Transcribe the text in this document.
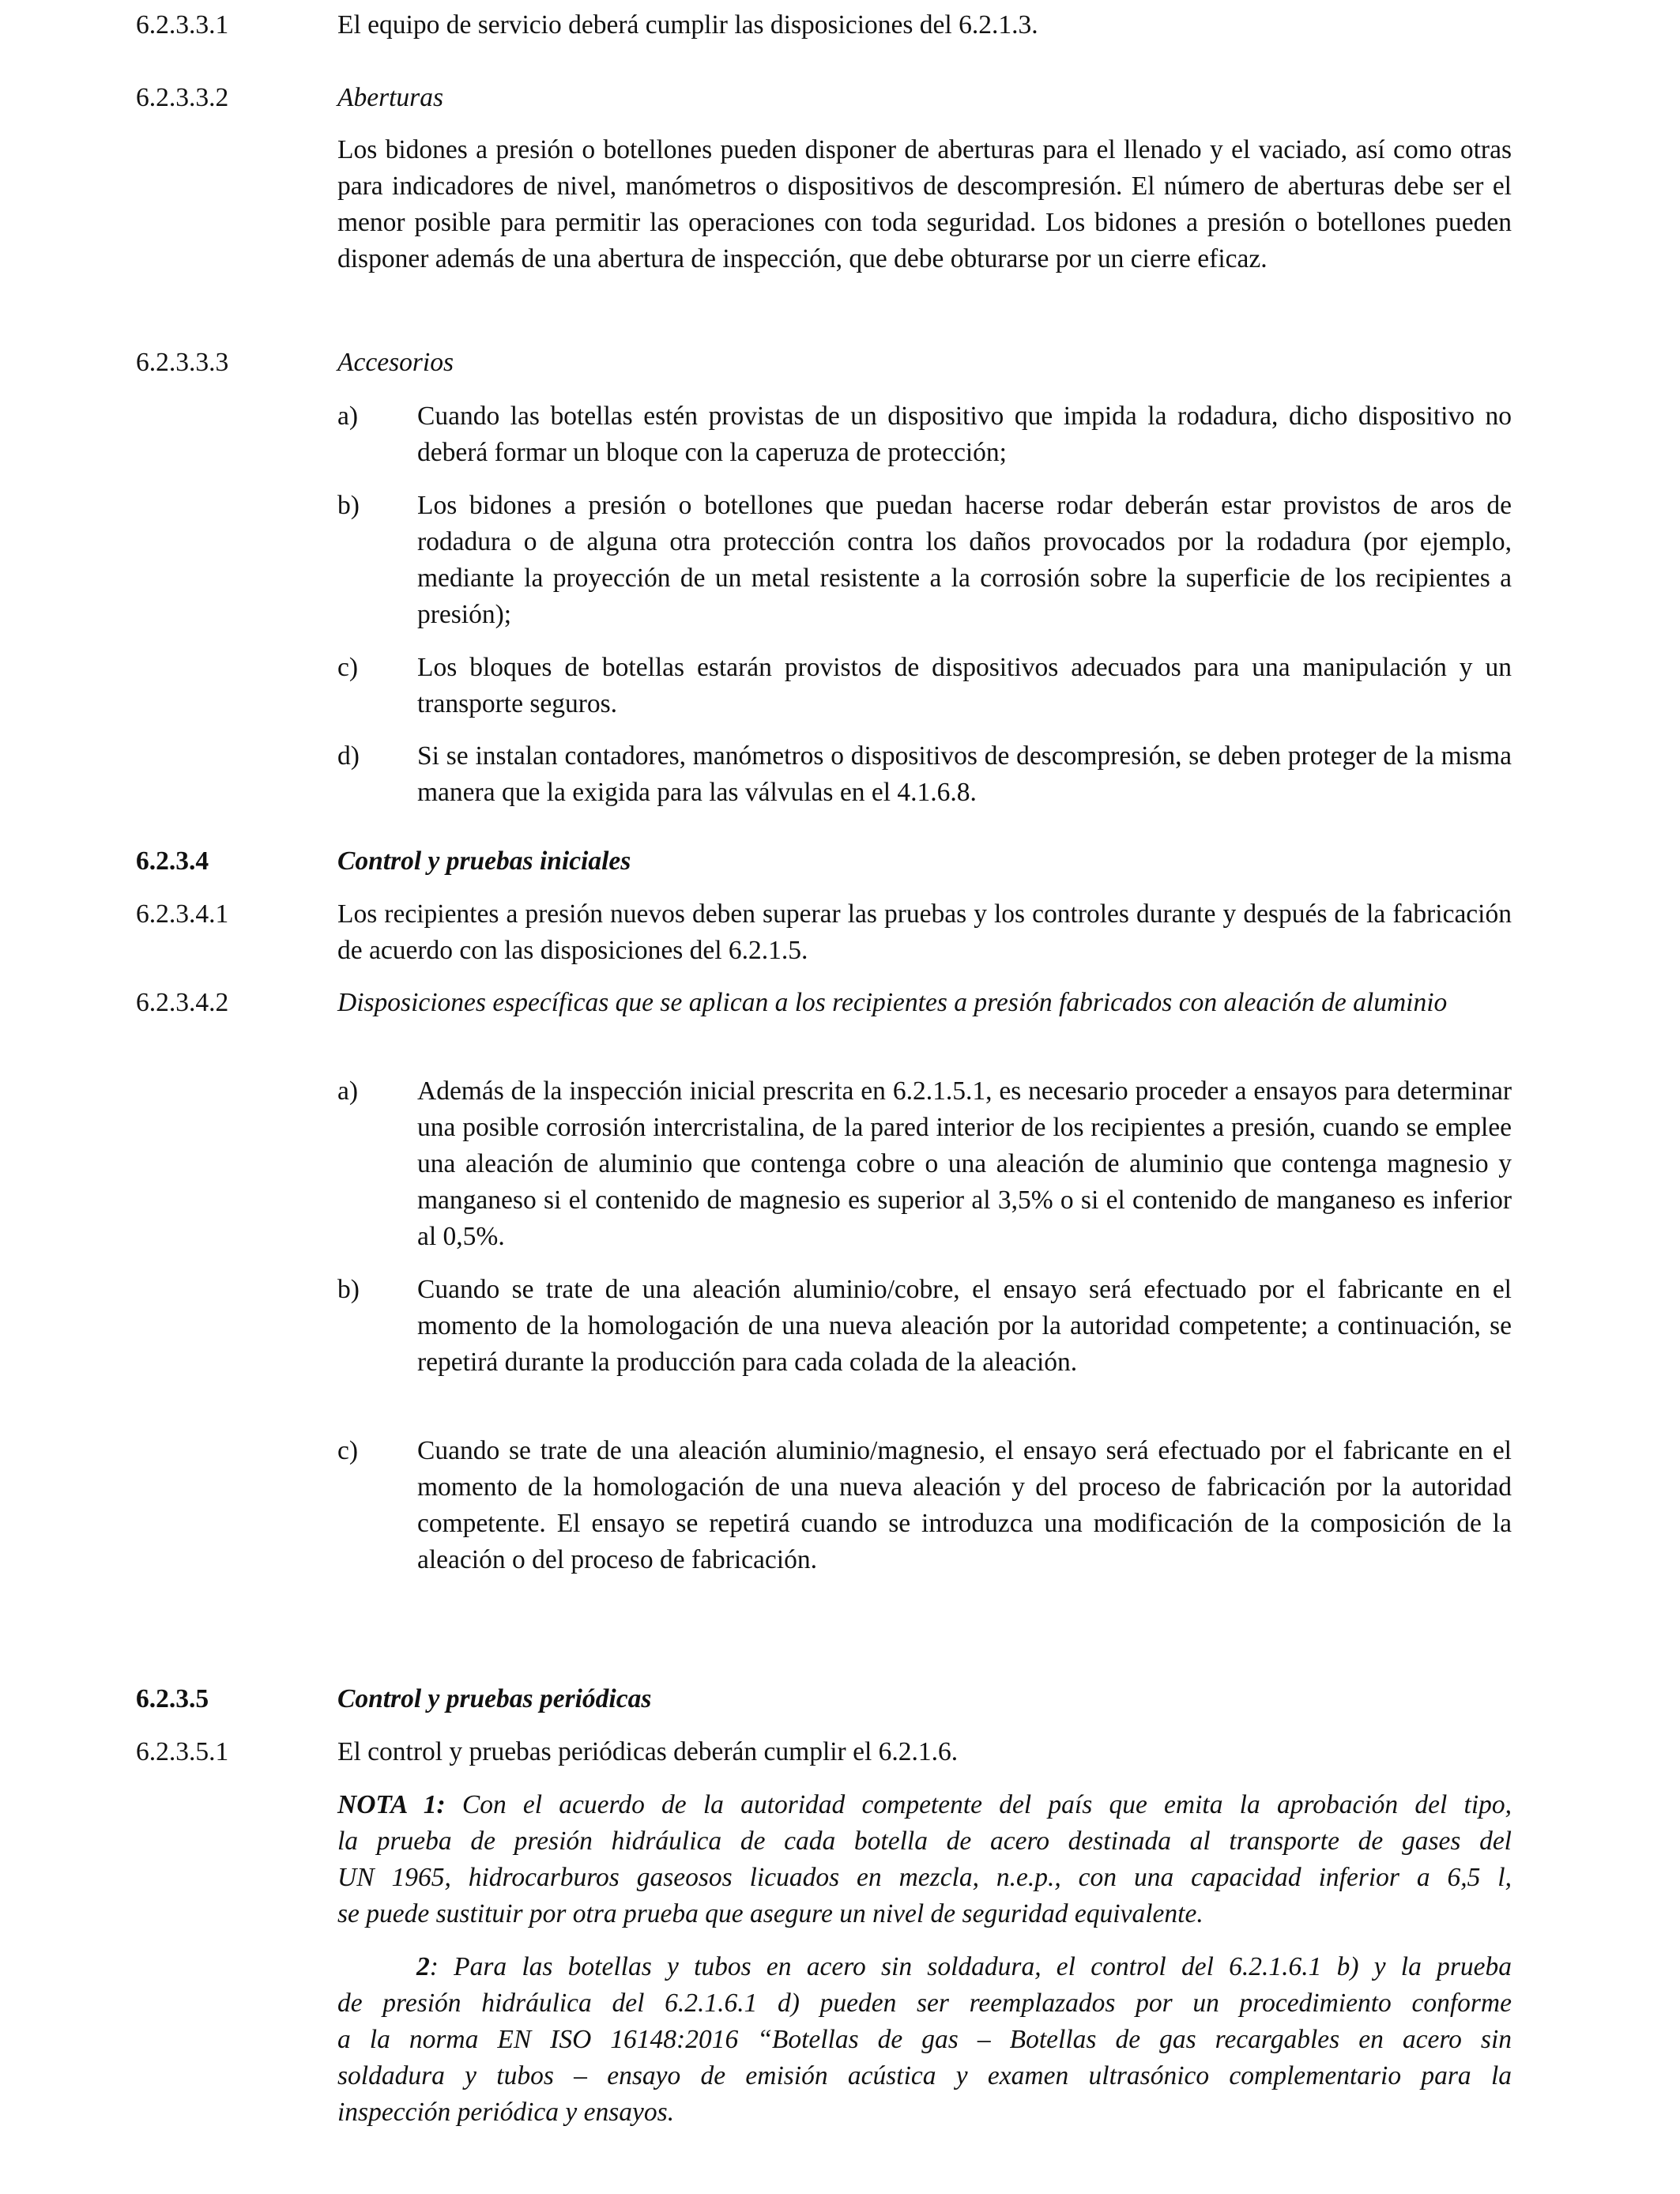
6.2.3.3.1	El equipo de servicio deberá cumplir las disposiciones del 6.2.1.3.
6.2.3.3.2	Aberturas
Los bidones a presión o botellones pueden disponer de aberturas para el llenado y el vaciado, así como otras para indicadores de nivel, manómetros o dispositivos de descompresión. El número de aberturas debe ser el menor posible para permitir las operaciones con toda seguridad. Los bidones a presión o botellones pueden disponer además de una abertura de inspección, que debe obturarse por un cierre eficaz.
6.2.3.3.3	Accesorios
a) Cuando las botellas estén provistas de un dispositivo que impida la rodadura, dicho dispositivo no deberá formar un bloque con la caperuza de protección;
b) Los bidones a presión o botellones que puedan hacerse rodar deberán estar provistos de aros de rodadura o de alguna otra protección contra los daños provocados por la rodadura (por ejemplo, mediante la proyección de un metal resistente a la corrosión sobre la superficie de los recipientes a presión);
c) Los bloques de botellas estarán provistos de dispositivos adecuados para una manipulación y un transporte seguros.
d) Si se instalan contadores, manómetros o dispositivos de descompresión, se deben proteger de la misma manera que la exigida para las válvulas en el 4.1.6.8.
6.2.3.4	Control y pruebas iniciales
6.2.3.4.1	Los recipientes a presión nuevos deben superar las pruebas y los controles durante y después de la fabricación de acuerdo con las disposiciones del 6.2.1.5.
6.2.3.4.2	Disposiciones específicas que se aplican a los recipientes a presión fabricados con aleación de aluminio
a) Además de la inspección inicial prescrita en 6.2.1.5.1, es necesario proceder a ensayos para determinar una posible corrosión intercristalina, de la pared interior de los recipientes a presión, cuando se emplee una aleación de aluminio que contenga cobre o una aleación de aluminio que contenga magnesio y manganeso si el contenido de magnesio es superior al 3,5% o si el contenido de manganeso es inferior al 0,5%.
b) Cuando se trate de una aleación aluminio/cobre, el ensayo será efectuado por el fabricante en el momento de la homologación de una nueva aleación por la autoridad competente; a continuación, se repetirá durante la producción para cada colada de la aleación.
c) Cuando se trate de una aleación aluminio/magnesio, el ensayo será efectuado por el fabricante en el momento de la homologación de una nueva aleación y del proceso de fabricación por la autoridad competente. El ensayo se repetirá cuando se introduzca una modificación de la composición de la aleación o del proceso de fabricación.
6.2.3.5	Control y pruebas periódicas
6.2.3.5.1	El control y pruebas periódicas deberán cumplir el 6.2.1.6.
NOTA 1: Con el acuerdo de la autoridad competente del país que emita la aprobación del tipo,
la prueba de presión hidráulica de cada botella de acero destinada al transporte de gases del
UN 1965, hidrocarburos gaseosos licuados en mezcla, n.e.p., con una capacidad inferior a 6,5 l,
se puede sustituir por otra prueba que asegure un nivel de seguridad equivalente.
2: Para las botellas y tubos en acero sin soldadura, el control del 6.2.1.6.1 b) y la prueba
de presión hidráulica del 6.2.1.6.1 d) pueden ser reemplazados por un procedimiento conforme
a la norma EN ISO 16148:2016 “Botellas de gas – Botellas de gas recargables en acero sin
soldadura y tubos – ensayo de emisión acústica y examen ultrasónico complementario para la
inspección periódica y ensayos.
